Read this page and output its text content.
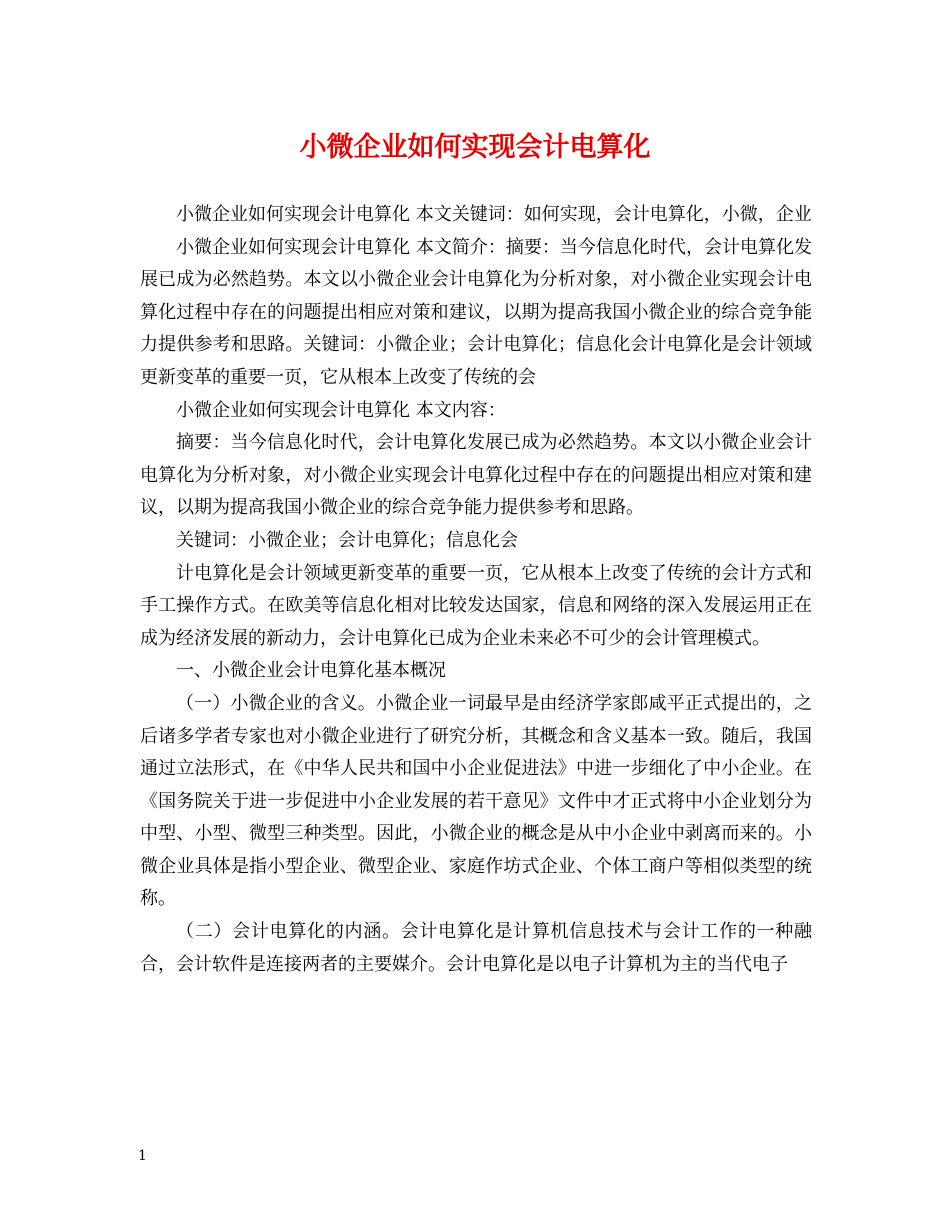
小微企业如何实现会计电算化

小微企业如何实现会计电算化 本文关键词：如何实现，会计电算化，小微，企业

小微企业如何实现会计电算化 本文简介：摘要：当今信息化时代，会计电算化发展已成为必然趋势。本文以小微企业会计电算化为分析对象，对小微企业实现会计电算化过程中存在的问题提出相应对策和建议，以期为提高我国小微企业的综合竞争能力提供参考和思路。关键词：小微企业；会计电算化；信息化会计电算化是会计领域更新变革的重要一页，它从根本上改变了传统的会

小微企业如何实现会计电算化 本文内容：

摘要：当今信息化时代，会计电算化发展已成为必然趋势。本文以小微企业会计电算化为分析对象，对小微企业实现会计电算化过程中存在的问题提出相应对策和建议，以期为提高我国小微企业的综合竞争能力提供参考和思路。

关键词：小微企业；会计电算化；信息化会

计电算化是会计领域更新变革的重要一页，它从根本上改变了传统的会计方式和手工操作方式。在欧美等信息化相对比较发达国家，信息和网络的深入发展运用正在成为经济发展的新动力，会计电算化已成为企业未来必不可少的会计管理模式。

一、小微企业会计电算化基本概况

（一）小微企业的含义。小微企业一词最早是由经济学家郎咸平正式提出的，之后诸多学者专家也对小微企业进行了研究分析，其概念和含义基本一致。随后，我国通过立法形式，在《中华人民共和国中小企业促进法》中进一步细化了中小企业。在《国务院关于进一步促进中小企业发展的若干意见》文件中才正式将中小企业划分为中型、小型、微型三种类型。因此，小微企业的概念是从中小企业中剥离而来的。小微企业具体是指小型企业、微型企业、家庭作坊式企业、个体工商户等相似类型的统称。

（二）会计电算化的内涵。会计电算化是计算机信息技术与会计工作的一种融合，会计软件是连接两者的主要媒介。会计电算化是以电子计算机为主的当代电子

1
